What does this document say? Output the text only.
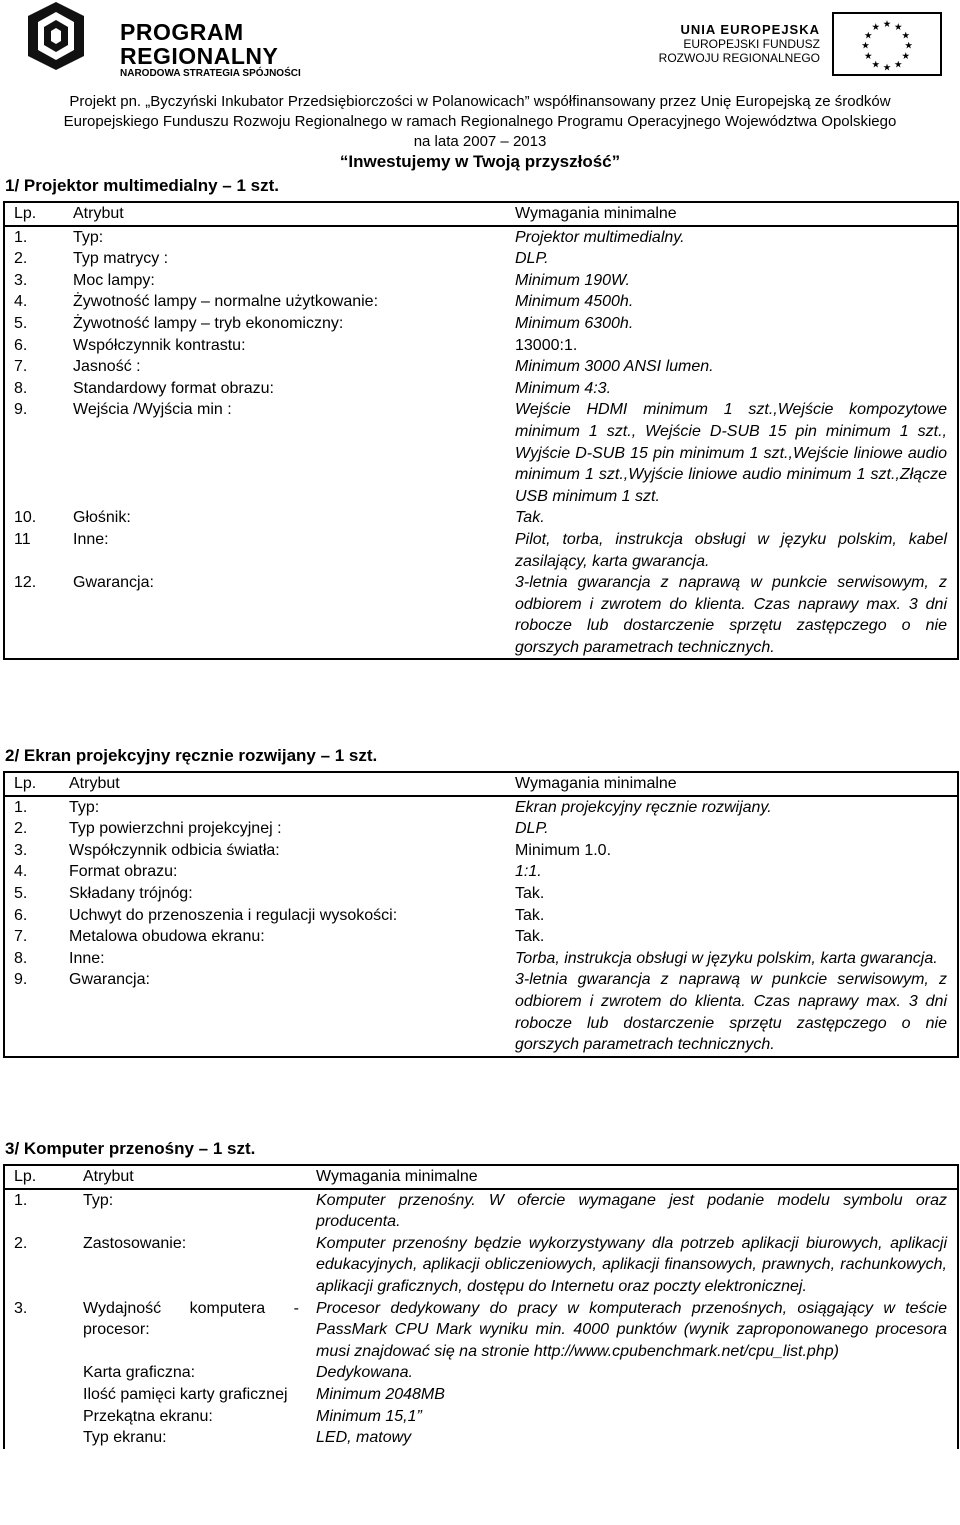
PROGRAM
REGIONALNY
NARODOWA STRATEGIA SPÓJNOŚCI
UNIA EUROPEJSKA
EUROPEJSKI FUNDUSZ
ROZWOJU REGIONALNEGO
★ ★
★
★
★
★
★
★
★
★
★
★
Projekt pn. „Byczyński Inkubator Przedsiębiorczości w Polanowicach” współfinansowany przez Unię Europejską ze środków
Europejskiego Funduszu Rozwoju Regionalnego w ramach Regionalnego Programu Operacyjnego Województwa Opolskiego
na lata 2007 – 2013
“Inwestujemy w Twoją przyszłość”
1/ Projektor multimedialny – 1 szt.
Lp.	Atrybut	Wymagania minimalne
1.	Typ:	Projektor multimedialny.
2.	Typ matrycy :	DLP.
3.	Moc lampy:	Minimum 190W.
4.	Żywotność lampy – normalne użytkowanie:	Minimum 4500h.
5.	Żywotność lampy – tryb ekonomiczny:	Minimum 6300h.
6.	Współczynnik kontrastu:	13000:1.
7.	Jasność :	Minimum 3000 ANSI lumen.
8.	Standardowy format obrazu:	Minimum 4:3.
9.	Wejścia /Wyjścia min :	Wejście HDMI minimum 1 szt.,Wejście kompozytowe minimum 1 szt., Wejście D-SUB 15 pin minimum 1 szt., Wyjście D-SUB 15 pin minimum 1 szt.,Wejście liniowe audio minimum 1 szt.,Wyjście liniowe audio minimum 1 szt.,Złącze USB minimum 1 szt.
10.	Głośnik:	Tak.
11	Inne:	Pilot, torba, instrukcja obsługi w języku polskim, kabel zasilający, karta gwarancja.
12.	Gwarancja:	3-letnia gwarancja z naprawą w punkcie serwisowym, z odbiorem i zwrotem do klienta. Czas naprawy max. 3 dni robocze lub dostarczenie sprzętu zastępczego o nie gorszych parametrach technicznych.
2/ Ekran projekcyjny ręcznie rozwijany – 1 szt.
Lp.	Atrybut	Wymagania minimalne
1.	Typ:	Ekran projekcyjny ręcznie rozwijany.
2.	Typ powierzchni projekcyjnej :	DLP.
3.	Współczynnik odbicia światła:	Minimum 1.0.
4.	Format obrazu:	1:1.
5.	Składany trójnóg:	Tak.
6.	Uchwyt do przenoszenia i regulacji wysokości:	Tak.
7.	Metalowa obudowa ekranu:	Tak.
8.	Inne:	Torba, instrukcja obsługi w języku polskim, karta gwarancja.
9.	Gwarancja:	3-letnia gwarancja z naprawą w punkcie serwisowym, z odbiorem i zwrotem do klienta. Czas naprawy max. 3 dni robocze lub dostarczenie sprzętu zastępczego o nie gorszych parametrach technicznych.
3/ Komputer przenośny – 1 szt.
Lp.	Atrybut	Wymagania minimalne
1.	Typ:	Komputer przenośny. W ofercie wymagane jest podanie modelu symbolu oraz producenta.
2.	Zastosowanie:	Komputer przenośny będzie wykorzystywany dla potrzeb aplikacji biurowych, aplikacji edukacyjnych, aplikacji obliczeniowych, aplikacji finansowych, prawnych, rachunkowych, aplikacji graficznych, dostępu do Internetu oraz poczty elektronicznej.
3.	Wydajność komputera - procesor:	Procesor dedykowany do pracy w komputerach przenośnych, osiągający w teście PassMark CPU Mark wyniku min. 4000 punktów (wynik zaproponowanego procesora musi znajdować się na stronie http://www.cpubenchmark.net/cpu_list.php)
	Karta graficzna:	Dedykowana.
	Ilość pamięci karty graficznej	Minimum 2048MB
	Przekątna ekranu:	Minimum 15,1”
	Typ ekranu:	LED, matowy
